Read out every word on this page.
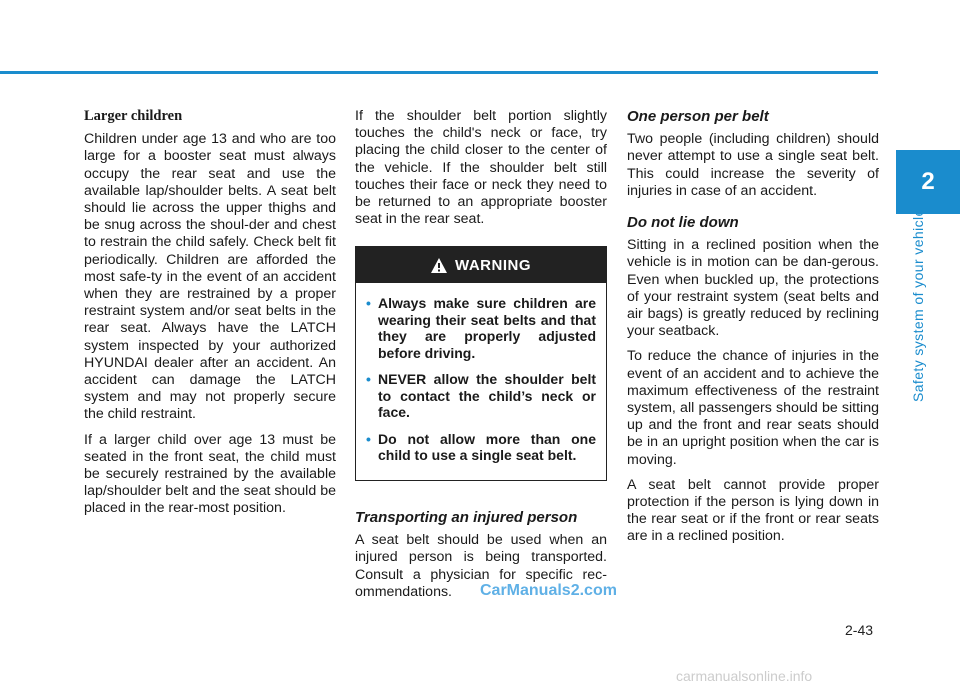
2
Safety system of your vehicle
Larger children

Children under age 13 and who are too large for a booster seat must always occupy the rear seat and use the available lap/shoulder belts. A seat belt should lie across the upper thighs and be snug across the shoul-der and chest to restrain the child safely. Check belt fit periodically. Children are afforded the most safe-ty in the event of an accident when they are restrained by a proper restraint system and/or seat belts in the rear seat. Always have the LATCH system inspected by your authorized HYUNDAI dealer after an accident. An accident can damage the LATCH system and may not properly secure the child restraint.

If a larger child over age 13 must be seated in the front seat, the child must be securely restrained by the available lap/shoulder belt and the seat should be placed in the rear-most position.

If the shoulder belt portion slightly touches the child's neck or face, try placing the child closer to the center of the vehicle. If the shoulder belt still touches their face or neck they need to be returned to an appropriate booster seat in the rear seat.

WARNING
• Always make sure children are wearing their seat belts and that they are properly adjusted before driving.
• NEVER allow the shoulder belt to contact the child’s neck or face.
• Do not allow more than one child to use a single seat belt.
Transporting an injured person

A seat belt should be used when an injured person is being transported. Consult a physician for specific rec-ommendations.

One person per belt

Two people (including children) should never attempt to use a single seat belt. This could increase the severity of injuries in case of an accident.

Do not lie down

Sitting in a reclined position when the vehicle is in motion can be dan-gerous. Even when buckled up, the protections of your restraint system (seat belts and air bags) is greatly reduced by reclining your seatback.

To reduce the chance of injuries in the event of an accident and to achieve the maximum effectiveness of the restraint system, all passengers should be sitting up and the front and rear seats should be in an upright position when the car is moving.

A seat belt cannot provide proper protection if the person is lying down in the rear seat or if the front or rear seats are in a reclined position.

CarManuals2.com
2-43
carmanualsonline.info
